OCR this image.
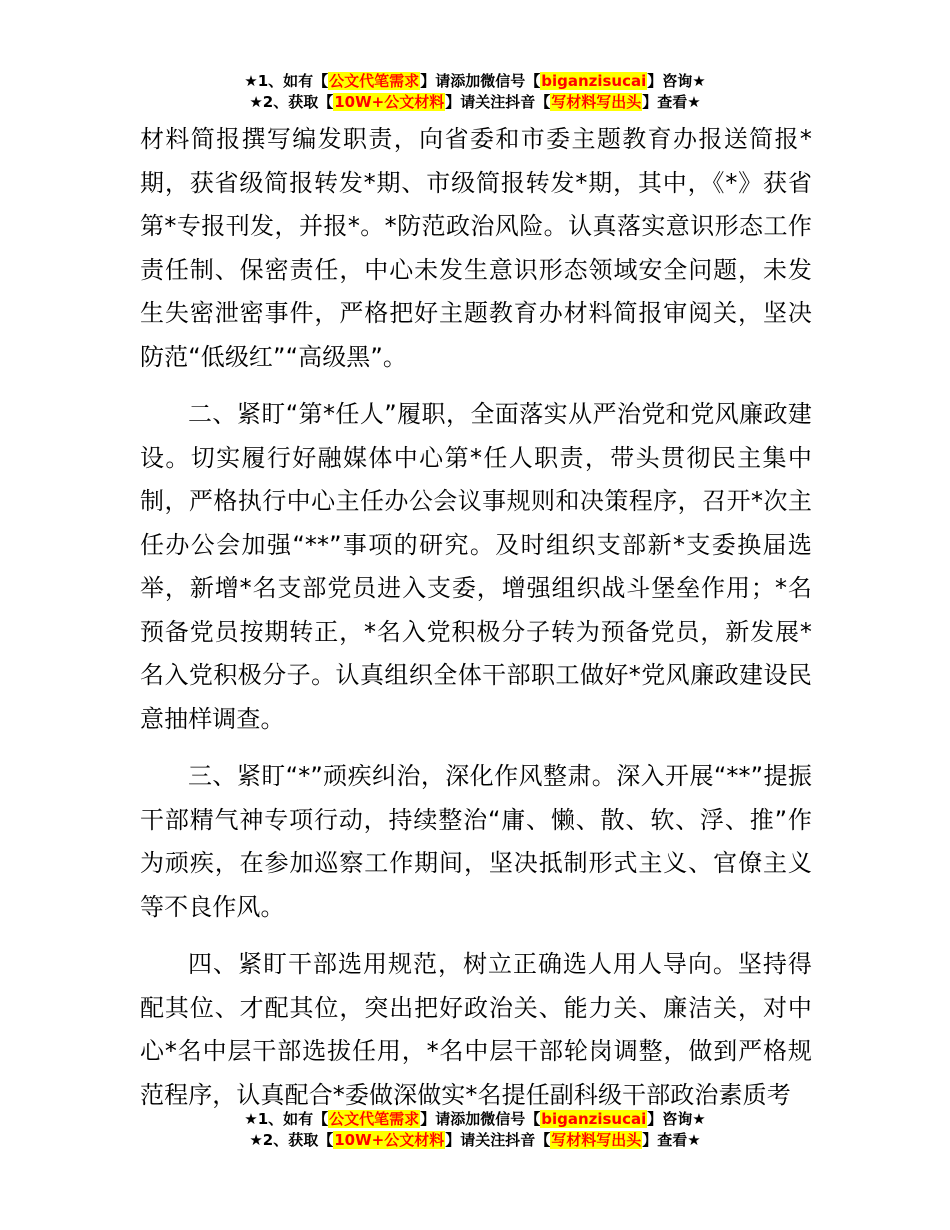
★1、如有【公文代笔需求】请添加微信号【biganzisucai】咨询★
★2、获取【10W+公文材料】请关注抖音【写材料写出头】查看★

材料简报撰写编发职责，向省委和市委主题教育办报送简报*期，获省级简报转发*期、市级简报转发*期，其中，《*》获省第*专报刊发，并报*。*防范政治风险。认真落实意识形态工作责任制、保密责任，中心未发生意识形态领域安全问题，未发生失密泄密事件，严格把好主题教育办材料简报审阅关，坚决防范“低级红”“高级黑”。

二、紧盯“第*任人”履职，全面落实从严治党和党风廉政建设。切实履行好融媒体中心第*任人职责，带头贯彻民主集中制，严格执行中心主任办公会议事规则和决策程序，召开*次主任办公会加强“**”事项的研究。及时组织支部新*支委换届选举，新增*名支部党员进入支委，增强组织战斗堡垒作用；*名预备党员按期转正，*名入党积极分子转为预备党员，新发展*名入党积极分子。认真组织全体干部职工做好*党风廉政建设民意抽样调查。

三、紧盯“*”顽疾纠治，深化作风整肃。深入开展“**”提振干部精气神专项行动，持续整治“庸、懒、散、软、浮、推”作为顽疾，在参加巡察工作期间，坚决抵制形式主义、官僚主义等不良作风。

四、紧盯干部选用规范，树立正确选人用人导向。坚持得配其位、才配其位，突出把好政治关、能力关、廉洁关，对中心*名中层干部选拔任用，*名中层干部轮岗调整，做到严格规范程序，认真配合*委做深做实*名提任副科级干部政治素质考

★1、如有【公文代笔需求】请添加微信号【biganzisucai】咨询★
★2、获取【10W+公文材料】请关注抖音【写材料写出头】查看★
